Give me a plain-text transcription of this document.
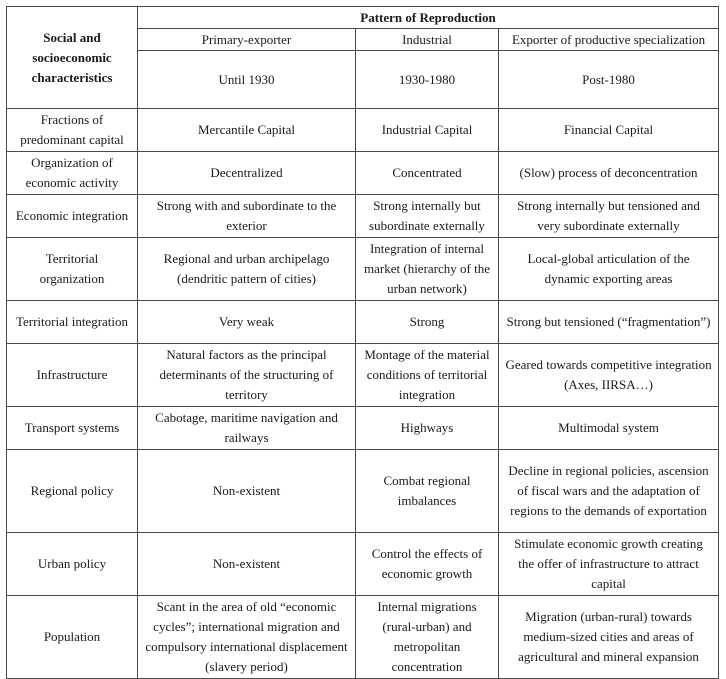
Social and socioeconomic characteristics	Pattern of Reproduction		
	Primary-exporter	Industrial	Exporter of productive specialization
	Until 1930	1930-1980	Post-1980
Fractions of predominant capital	Mercantile Capital	Industrial Capital	Financial Capital
Organization of economic activity	Decentralized	Concentrated	(Slow) process of deconcentration
Economic integration	Strong with and subordinate to the exterior	Strong internally but subordinate externally	Strong internally but tensioned and very subordinate externally
Territorial organization	Regional and urban archipelago (dendritic pattern of cities)	Integration of internal market (hierarchy of the urban network)	Local-global articulation of the dynamic exporting areas
Territorial integration	Very weak	Strong	Strong but tensioned (“fragmentation”)
Infrastructure	Natural factors as the principal determinants of the structuring of territory	Montage of the material conditions of territorial integration	Geared towards competitive integration (Axes, IIRSA…)
Transport systems	Cabotage, maritime navigation and railways	Highways	Multimodal system
Regional policy	Non-existent	Combat regional imbalances	Decline in regional policies, ascension of fiscal wars and the adaptation of regions to the demands of exportation
Urban policy	Non-existent	Control the effects of economic growth	Stimulate economic growth creating the offer of infrastructure to attract capital
Population	Scant in the area of old “economic cycles”; international migration and compulsory international displacement (slavery period)	Internal migrations (rural-urban) and metropolitan concentration	Migration (urban-rural) towards medium-sized cities and areas of agricultural and mineral expansion
